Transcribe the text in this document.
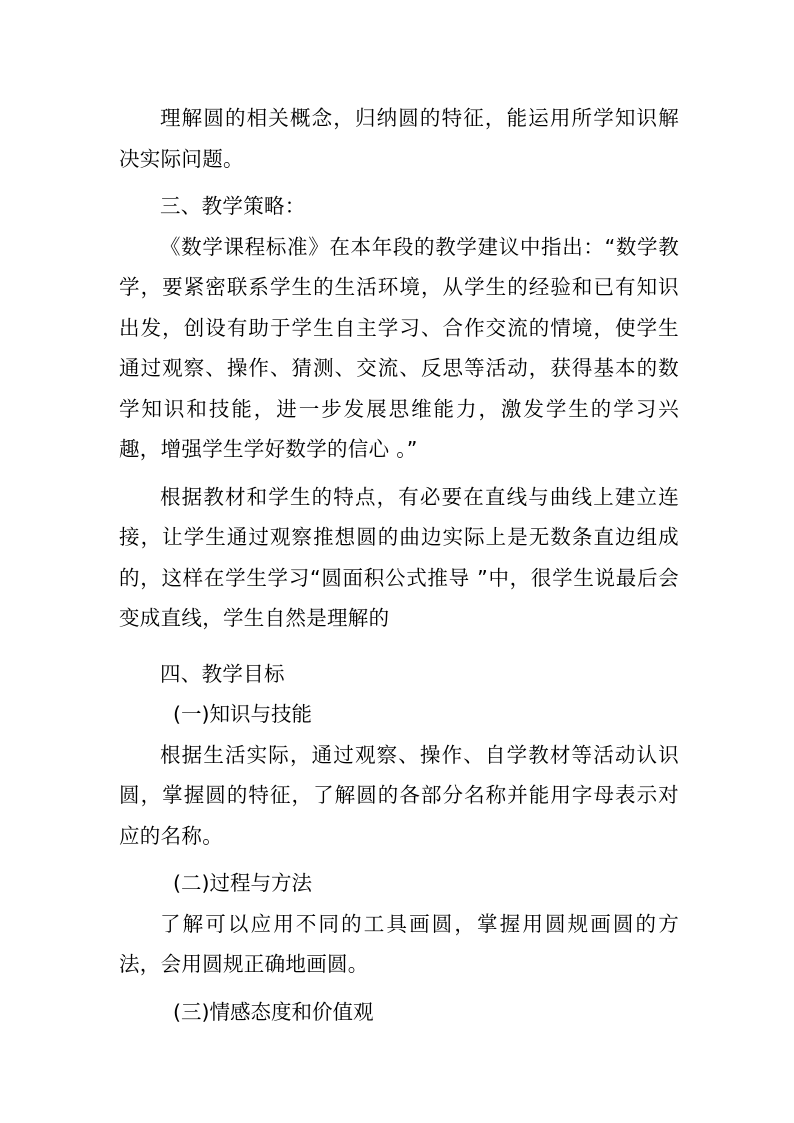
理解圆的相关概念，归纳圆的特征，能运用所学知识解决实际问题。

三、教学策略：

《数学课程标准》在本年段的教学建议中指出：“数学教学，要紧密联系学生的生活环境，从学生的经验和已有知识出发，创设有助于学生自主学习、合作交流的情境，使学生通过观察、操作、猜测、交流、反思等活动，获得基本的数学知识和技能，进一步发展思维能力，激发学生的学习兴趣，增强学生学好数学的信心 。”

根据教材和学生的特点，有必要在直线与曲线上建立连接，让学生通过观察推想圆的曲边实际上是无数条直边组成的，这样在学生学习“圆面积公式推导 ”中，很学生说最后会变成直线，学生自然是理解的

四、教学目标

(一)知识与技能

根据生活实际，通过观察、操作、自学教材等活动认识圆，掌握圆的特征，了解圆的各部分名称并能用字母表示对应的名称。

(二)过程与方法

了解可以应用不同的工具画圆，掌握用圆规画圆的方法，会用圆规正确地画圆。

(三)情感态度和价值观
